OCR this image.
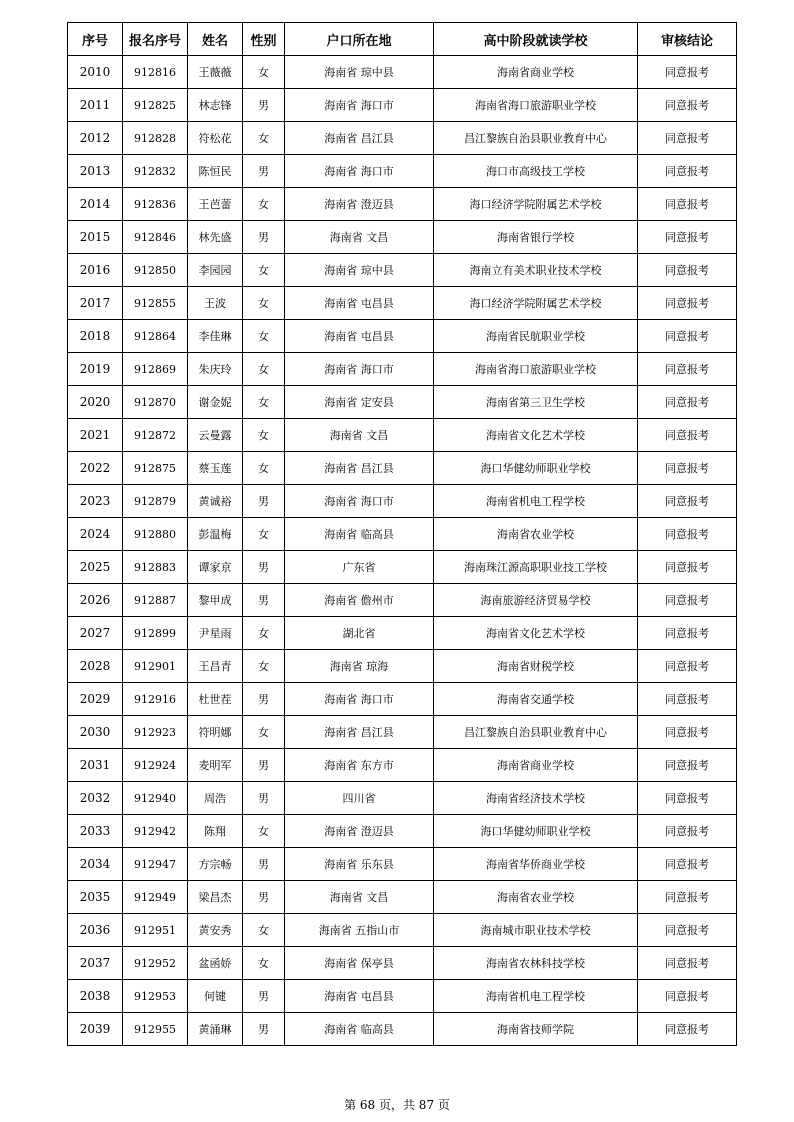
序号	报名序号	姓名	性别	户口所在地	高中阶段就读学校	审核结论
2010	912816	王薇薇	女	海南省 琼中县	海南省商业学校	同意报考
2011	912825	林志锋	男	海南省 海口市	海南省海口旅游职业学校	同意报考
2012	912828	符松花	女	海南省 昌江县	昌江黎族自治县职业教育中心	同意报考
2013	912832	陈恒民	男	海南省 海口市	海口市高级技工学校	同意报考
2014	912836	王芭蕾	女	海南省 澄迈县	海口经济学院附属艺术学校	同意报考
2015	912846	林先盛	男	海南省 文昌	海南省银行学校	同意报考
2016	912850	李园园	女	海南省 琼中县	海南立有美术职业技术学校	同意报考
2017	912855	王波	女	海南省 屯昌县	海口经济学院附属艺术学校	同意报考
2018	912864	李佳琳	女	海南省 屯昌县	海南省民航职业学校	同意报考
2019	912869	朱庆玲	女	海南省 海口市	海南省海口旅游职业学校	同意报考
2020	912870	谢金妮	女	海南省 定安县	海南省第三卫生学校	同意报考
2021	912872	云曼露	女	海南省 文昌	海南省文化艺术学校	同意报考
2022	912875	蔡玉莲	女	海南省 昌江县	海口华健幼师职业学校	同意报考
2023	912879	黄诚裕	男	海南省 海口市	海南省机电工程学校	同意报考
2024	912880	彭温梅	女	海南省 临高县	海南省农业学校	同意报考
2025	912883	谭家京	男	广东省	海南珠江源高职职业技工学校	同意报考
2026	912887	黎甲成	男	海南省 儋州市	海南旅游经济贸易学校	同意报考
2027	912899	尹星雨	女	湖北省	海南省文化艺术学校	同意报考
2028	912901	王昌青	女	海南省 琼海	海南省财税学校	同意报考
2029	912916	杜世茬	男	海南省 海口市	海南省交通学校	同意报考
2030	912923	符明娜	女	海南省 昌江县	昌江黎族自治县职业教育中心	同意报考
2031	912924	麦明军	男	海南省 东方市	海南省商业学校	同意报考
2032	912940	周浩	男	四川省	海南省经济技术学校	同意报考
2033	912942	陈翔	女	海南省 澄迈县	海口华健幼师职业学校	同意报考
2034	912947	方宗畅	男	海南省 乐东县	海南省华侨商业学校	同意报考
2035	912949	梁昌杰	男	海南省 文昌	海南省农业学校	同意报考
2036	912951	黄安秀	女	海南省 五指山市	海南城市职业技术学校	同意报考
2037	912952	盆函娇	女	海南省 保亭县	海南省农林科技学校	同意报考
2038	912953	何键	男	海南省 屯昌县	海南省机电工程学校	同意报考
2039	912955	黄涌琳	男	海南省 临高县	海南省技师学院	同意报考
第 68 页，共 87 页
